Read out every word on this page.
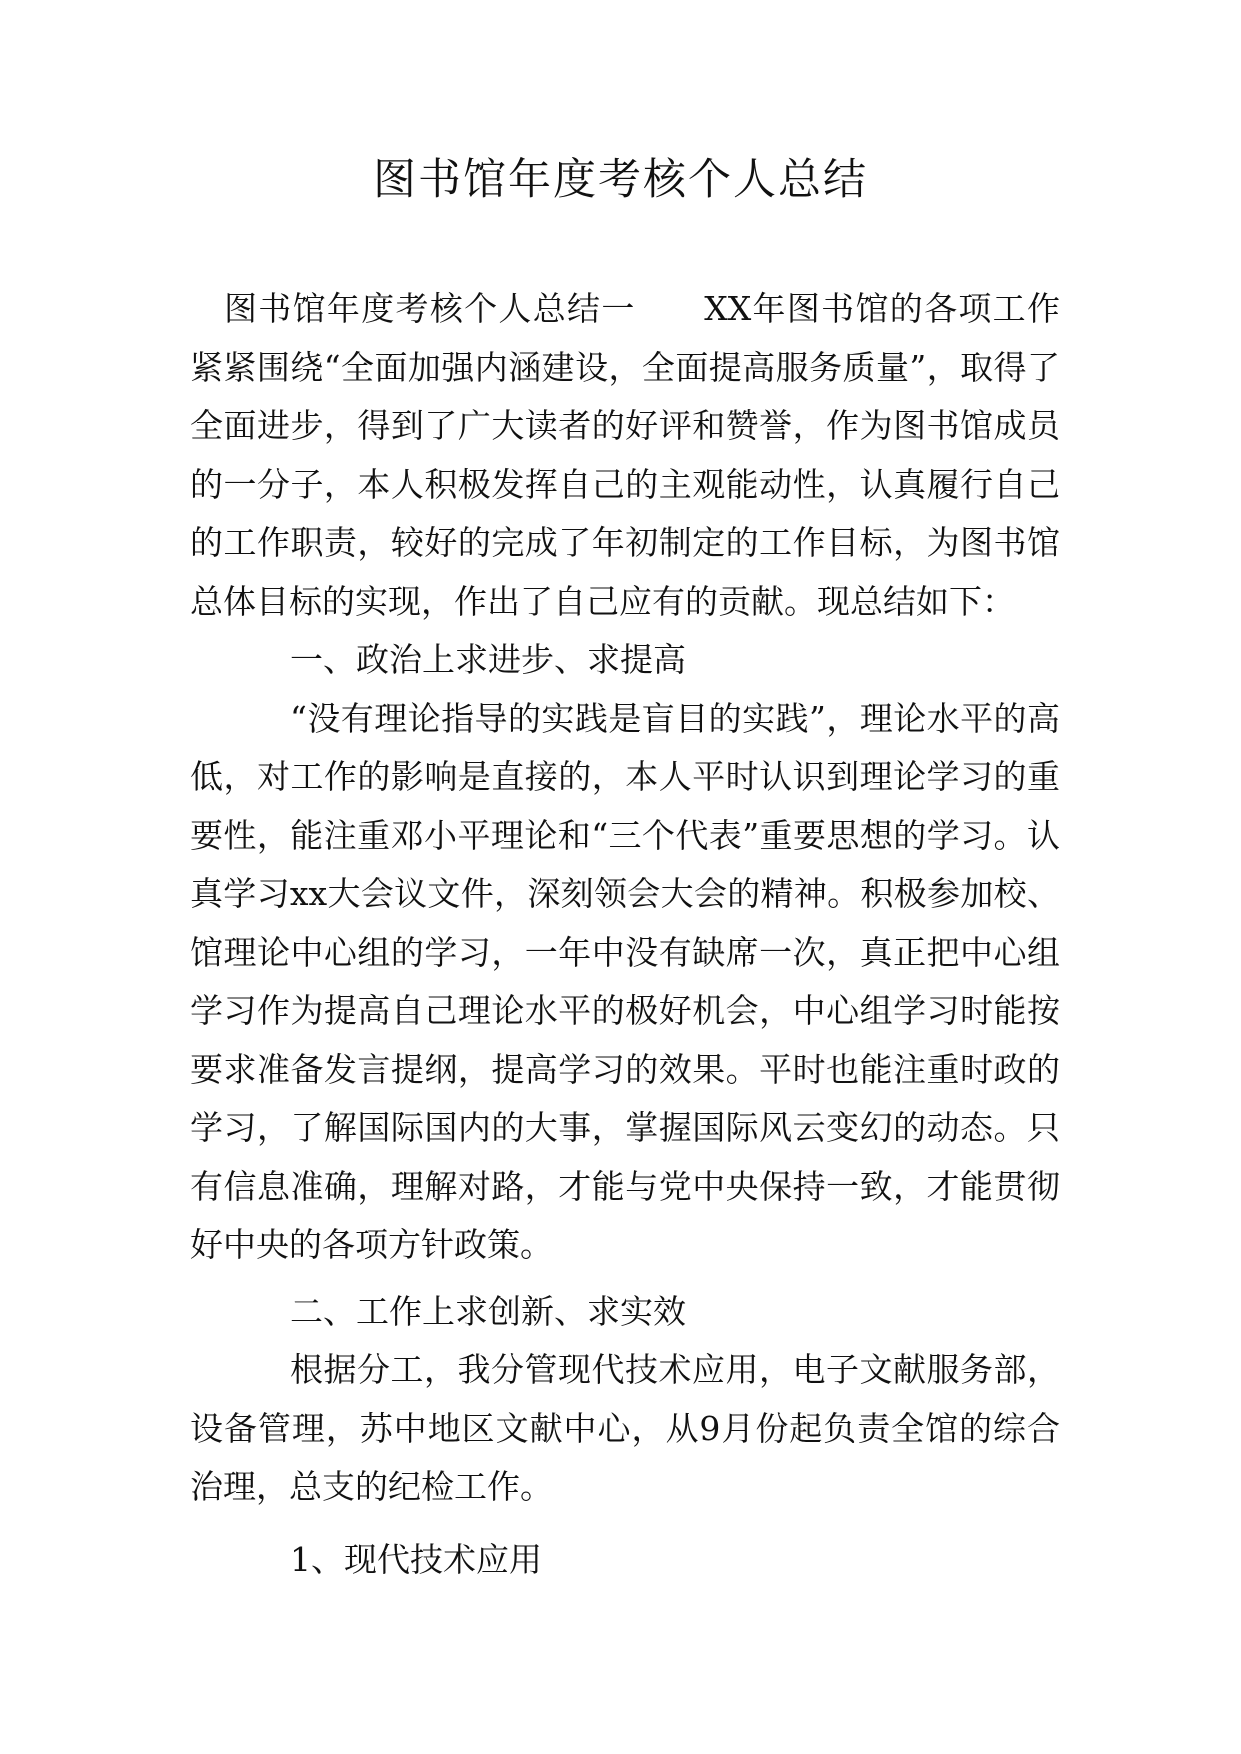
图书馆年度考核个人总结

图书馆年度考核个人总结一　　XX年图书馆的各项工作紧紧围绕“全面加强内涵建设，全面提高服务质量”，取得了全面进步，得到了广大读者的好评和赞誉，作为图书馆成员的一分子，本人积极发挥自己的主观能动性，认真履行自己的工作职责，较好的完成了年初制定的工作目标，为图书馆总体目标的实现，作出了自己应有的贡献。现总结如下：

一、政治上求进步、求提高

“没有理论指导的实践是盲目的实践”，理论水平的高低，对工作的影响是直接的，本人平时认识到理论学习的重要性，能注重邓小平理论和“三个代表”重要思想的学习。认真学习xx大会议文件，深刻领会大会的精神。积极参加校、馆理论中心组的学习，一年中没有缺席一次，真正把中心组学习作为提高自己理论水平的极好机会，中心组学习时能按要求准备发言提纲，提高学习的效果。平时也能注重时政的学习，了解国际国内的大事，掌握国际风云变幻的动态。只有信息准确，理解对路，才能与党中央保持一致，才能贯彻好中央的各项方针政策。

二、工作上求创新、求实效

根据分工，我分管现代技术应用，电子文献服务部，设备管理，苏中地区文献中心，从9月份起负责全馆的综合治理，总支的纪检工作。

1、现代技术应用
